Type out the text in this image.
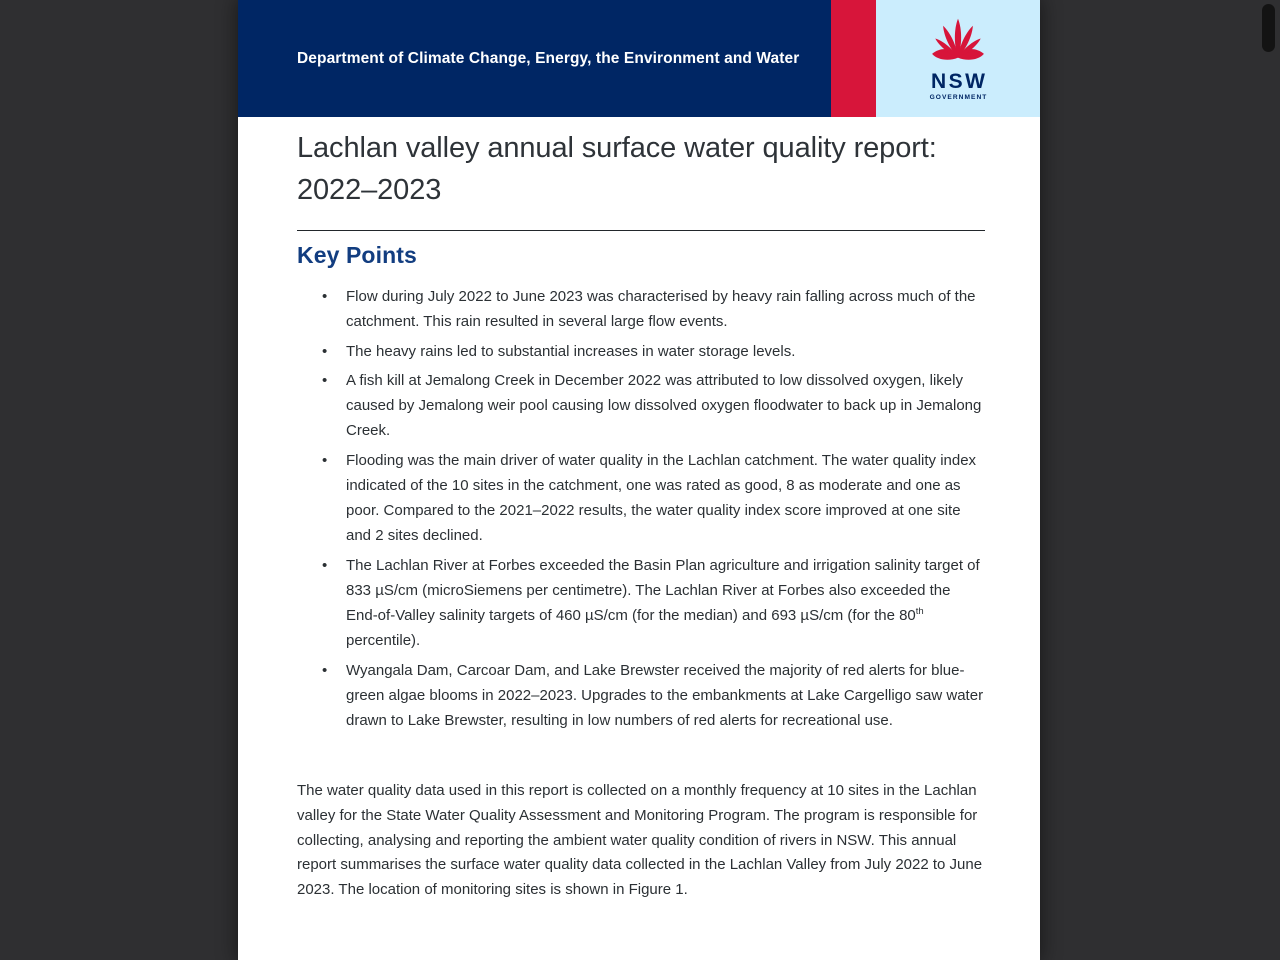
Department of Climate Change, Energy, the Environment and Water
NSW
GOVERNMENT
Lachlan valley annual surface water quality report: 2022–2023
Key Points
• Flow during July 2022 to June 2023 was characterised by heavy rain falling across much of the catchment. This rain resulted in several large flow events.
• The heavy rains led to substantial increases in water storage levels.
• A fish kill at Jemalong Creek in December 2022 was attributed to low dissolved oxygen, likely caused by Jemalong weir pool causing low dissolved oxygen floodwater to back up in Jemalong Creek.
• Flooding was the main driver of water quality in the Lachlan catchment. The water quality index indicated of the 10 sites in the catchment, one was rated as good, 8 as moderate and one as poor. Compared to the 2021–2022 results, the water quality index score improved at one site and 2 sites declined.
• The Lachlan River at Forbes exceeded the Basin Plan agriculture and irrigation salinity target of 833 µS/cm (microSiemens per centimetre). The Lachlan River at Forbes also exceeded the End-of-Valley salinity targets of 460 µS/cm (for the median) and 693 µS/cm (for the 80th percentile).
• Wyangala Dam, Carcoar Dam, and Lake Brewster received the majority of red alerts for blue-green algae blooms in 2022–2023. Upgrades to the embankments at Lake Cargelligo saw water drawn to Lake Brewster, resulting in low numbers of red alerts for recreational use.

The water quality data used in this report is collected on a monthly frequency at 10 sites in the Lachlan valley for the State Water Quality Assessment and Monitoring Program. The program is responsible for collecting, analysing and reporting the ambient water quality condition of rivers in NSW. This annual report summarises the surface water quality data collected in the Lachlan Valley from July 2022 to June 2023. The location of monitoring sites is shown in Figure 1.
